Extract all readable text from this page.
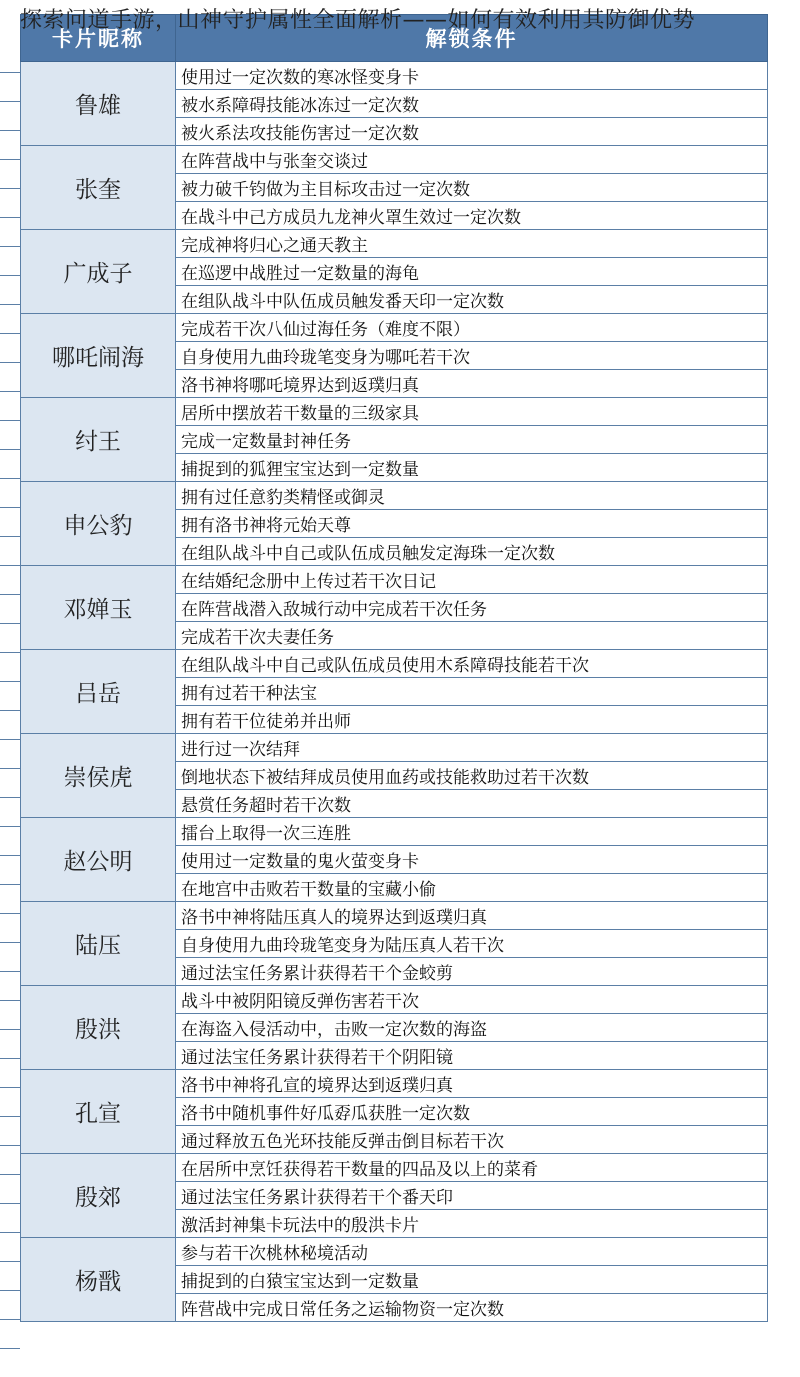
探索问道手游，山神守护属性全面解析——如何有效利用其防御优势
卡片昵称	解锁条件
鲁雄	使用过一定次数的寒冰怪变身卡
	被水系障碍技能冰冻过一定次数
	被火系法攻技能伤害过一定次数
张奎	在阵营战中与张奎交谈过
	被力破千钧做为主目标攻击过一定次数
	在战斗中己方成员九龙神火罩生效过一定次数
广成子	完成神将归心之通天教主
	在巡逻中战胜过一定数量的海龟
	在组队战斗中队伍成员触发番天印一定次数
哪吒闹海	完成若干次八仙过海任务（难度不限）
	自身使用九曲玲珑笔变身为哪吒若干次
	洛书神将哪吒境界达到返璞归真
纣王	居所中摆放若干数量的三级家具
	完成一定数量封神任务
	捕捉到的狐狸宝宝达到一定数量
申公豹	拥有过任意豹类精怪或御灵
	拥有洛书神将元始天尊
	在组队战斗中自己或队伍成员触发定海珠一定次数
邓婵玉	在结婚纪念册中上传过若干次日记
	在阵营战潜入敌城行动中完成若干次任务
	完成若干次夫妻任务
吕岳	在组队战斗中自己或队伍成员使用木系障碍技能若干次
	拥有过若干种法宝
	拥有若干位徒弟并出师
崇侯虎	进行过一次结拜
	倒地状态下被结拜成员使用血药或技能救助过若干次数
	悬赏任务超时若干次数
赵公明	擂台上取得一次三连胜
	使用过一定数量的鬼火萤变身卡
	在地宫中击败若干数量的宝藏小偷
陆压	洛书中神将陆压真人的境界达到返璞归真
	自身使用九曲玲珑笔变身为陆压真人若干次
	通过法宝任务累计获得若干个金蛟剪
殷洪	战斗中被阴阳镜反弹伤害若干次
	在海盗入侵活动中，击败一定次数的海盗
	通过法宝任务累计获得若干个阴阳镜
孔宣	洛书中神将孔宣的境界达到返璞归真
	洛书中随机事件好瓜孬瓜获胜一定次数
	通过释放五色光环技能反弹击倒目标若干次
殷郊	在居所中烹饪获得若干数量的四品及以上的菜肴
	通过法宝任务累计获得若干个番天印
	激活封神集卡玩法中的殷洪卡片
杨戬	参与若干次桃林秘境活动
	捕捉到的白猿宝宝达到一定数量
	阵营战中完成日常任务之运输物资一定次数
